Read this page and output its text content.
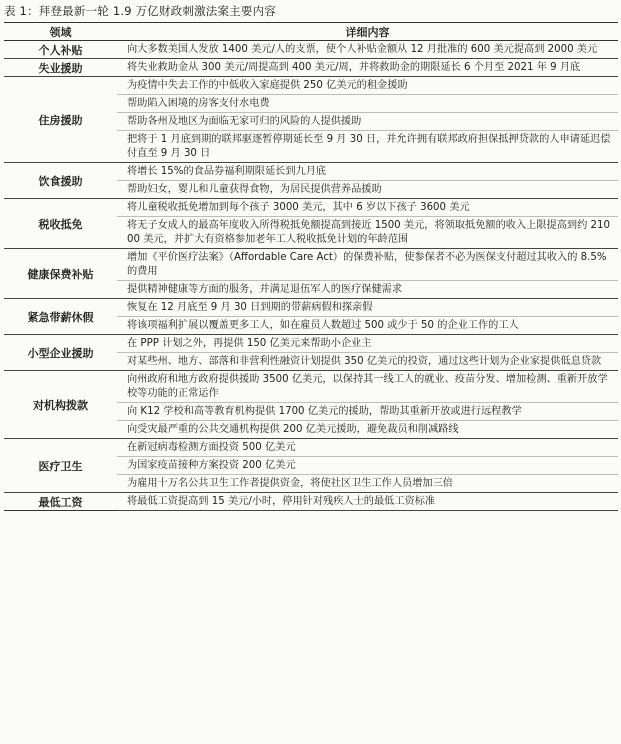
表 1：拜登最新一轮 1.9 万亿财政刺激法案主要内容
领域	详细内容
个人补贴	向大多数美国人发放 1400 美元/人的支票，使个人补贴金额从 12 月批准的 600 美元提高到 2000 美元
失业援助	将失业救助金从 300 美元/周提高到 400 美元/周，并将救助金的期限延长 6 个月至 2021 年 9 月底
住房援助	为疫情中失去工作的中低收入家庭提供 250 亿美元的租金援助
	帮助陷入困境的房客支付水电费
	帮助各州及地区为面临无家可归的风险的人提供援助
	把将于 1 月底到期的联邦驱逐暂停期延长至 9 月 30 日，并允许拥有联邦政府担保抵押贷款的人申请延迟偿付直至 9 月 30 日
饮食援助	将增长 15%的食品券福利期限延长到九月底
	帮助妇女，婴儿和儿童获得食物，为居民提供营养品援助
税收抵免	将儿童税收抵免增加到每个孩子 3000 美元，其中 6 岁以下孩子 3600 美元
	将无子女成人的最高年度收入所得税抵免额提高到接近 1500 美元，将领取抵免额的收入上限提高到约 21000 美元，并扩大有资格参加老年工人税收抵免计划的年龄范围
健康保费补贴	增加《平价医疗法案》（Affordable Care Act）的保费补贴，使参保者不必为医保支付超过其收入的 8.5%的费用
	提供精神健康等方面的服务，并满足退伍军人的医疗保健需求
紧急带薪休假	恢复在 12 月底至 9 月 30 日到期的带薪病假和探亲假
	将该项福利扩展以覆盖更多工人，如在雇员人数超过 500 或少于 50 的企业工作的工人
小型企业援助	在 PPP 计划之外，再提供 150 亿美元来帮助小企业主
	对某些州、地方、部落和非营利性融资计划提供 350 亿美元的投资，通过这些计划为企业家提供低息贷款
对机构拨款	向州政府和地方政府提供援助 3500 亿美元，以保持其一线工人的就业、疫苗分发、增加检测、重新开放学校等功能的正常运作
	向 K12 学校和高等教育机构提供 1700 亿美元的援助，帮助其重新开放或进行远程教学
	向受灾最严重的公共交通机构提供 200 亿美元援助，避免裁员和削减路线
医疗卫生	在新冠病毒检测方面投资 500 亿美元
	为国家疫苗接种方案投资 200 亿美元
	为雇用十万名公共卫生工作者提供资金，将使社区卫生工作人员增加三倍
最低工资	将最低工资提高到 15 美元/小时，停用针对残疾人士的最低工资标准
